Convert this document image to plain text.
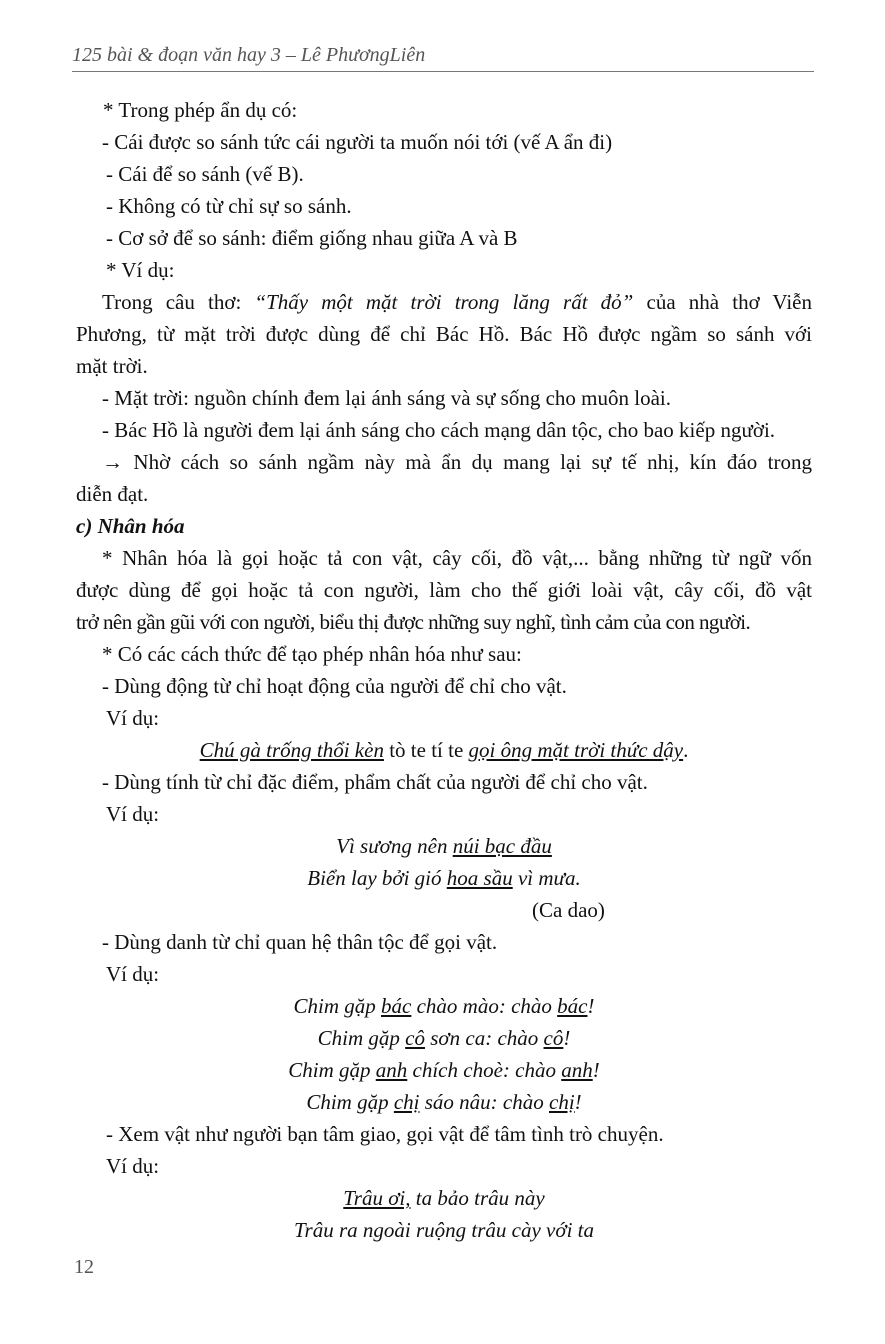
125 bài & đoạn văn hay 3 – Lê PhươngLiên
* Trong phép ẩn dụ có:
- Cái được so sánh tức cái người ta muốn nói tới (vế A ẩn đi)
- Cái để so sánh (vế B).
- Không có từ chỉ sự so sánh.
- Cơ sở để so sánh: điểm giống nhau giữa A và B
* Ví dụ:
Trong câu thơ: “Thấy một mặt trời trong lăng rất đỏ” của nhà thơ Viễn
Phương, từ mặt trời được dùng để chỉ Bác Hồ. Bác Hồ được ngầm so sánh với
mặt trời.
- Mặt trời: nguồn chính đem lại ánh sáng và sự sống cho muôn loài.
- Bác Hồ là người đem lại ánh sáng cho cách mạng dân tộc, cho bao kiếp người.
→ Nhờ cách so sánh ngầm này mà ẩn dụ mang lại sự tế nhị, kín đáo trong
diễn đạt.
c) Nhân hóa
* Nhân hóa là gọi hoặc tả con vật, cây cối, đồ vật,... bằng những từ ngữ vốn
được dùng để gọi hoặc tả con người, làm cho thế giới loài vật, cây cối, đồ vật
trở nên gần gũi với con người, biểu thị được những suy nghĩ, tình cảm của con người.
* Có các cách thức để tạo phép nhân hóa như sau:
- Dùng động từ chỉ hoạt động của người để chỉ cho vật.
Ví dụ:
Chú gà trống thổi kèn tò te tí te gọi ông mặt trời thức dậy.
- Dùng tính từ chỉ đặc điểm, phẩm chất của người để chỉ cho vật.
Ví dụ:
Vì sương nên núi bạc đầu
Biển lay bởi gió hoa sầu vì mưa.
(Ca dao)
- Dùng danh từ chỉ quan hệ thân tộc để gọi vật.
Ví dụ:
Chim gặp bác chào mào: chào bác!
Chim gặp cô sơn ca: chào cô!
Chim gặp anh chích choè: chào anh!
Chim gặp chị sáo nâu: chào chị!
- Xem vật như người bạn tâm giao, gọi vật để tâm tình trò chuyện.
Ví dụ:
Trâu ơi, ta bảo trâu này
Trâu ra ngoài ruộng trâu cày với ta
12
